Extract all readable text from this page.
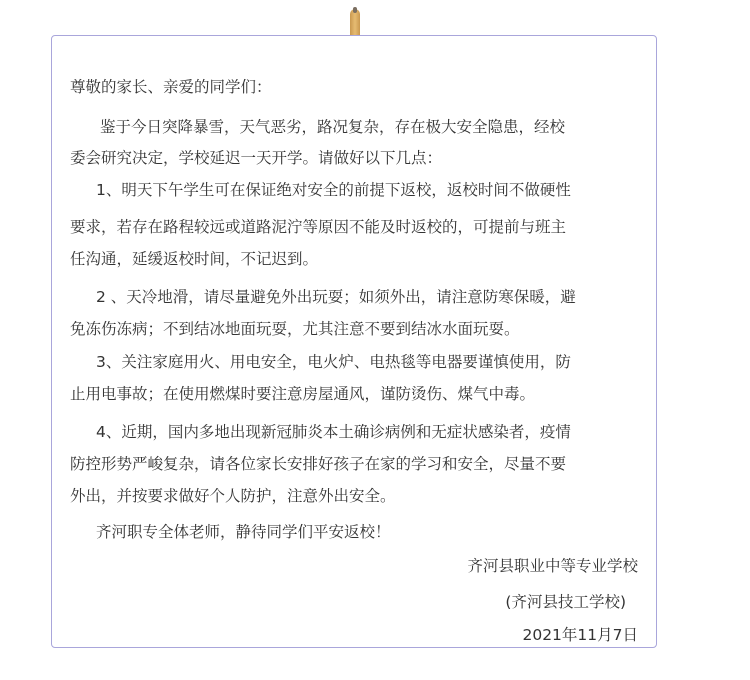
尊敬的家长、亲爱的同学们：
鉴于今日突降暴雪，天气恶劣，路况复杂，存在极大安全隐患，经校
委会研究决定，学校延迟一天开学。请做好以下几点：
1、明天下午学生可在保证绝对安全的前提下返校，返校时间不做硬性
要求，若存在路程较远或道路泥泞等原因不能及时返校的，可提前与班主
任沟通，延缓返校时间，不记迟到。
2 、天冷地滑，请尽量避免外出玩耍；如须外出，请注意防寒保暖，避
免冻伤冻病；不到结冰地面玩耍，尤其注意不要到结冰水面玩耍。
3、关注家庭用火、用电安全，电火炉、电热毯等电器要谨慎使用，防
止用电事故；在使用燃煤时要注意房屋通风，谨防烫伤、煤气中毒。
4、近期，国内多地出现新冠肺炎本土确诊病例和无症状感染者，疫情
防控形势严峻复杂，请各位家长安排好孩子在家的学习和安全，尽量不要
外出，并按要求做好个人防护，注意外出安全。
齐河职专全体老师，静待同学们平安返校！
齐河县职业中等专业学校
(齐河县技工学校)
2021年11月7日
